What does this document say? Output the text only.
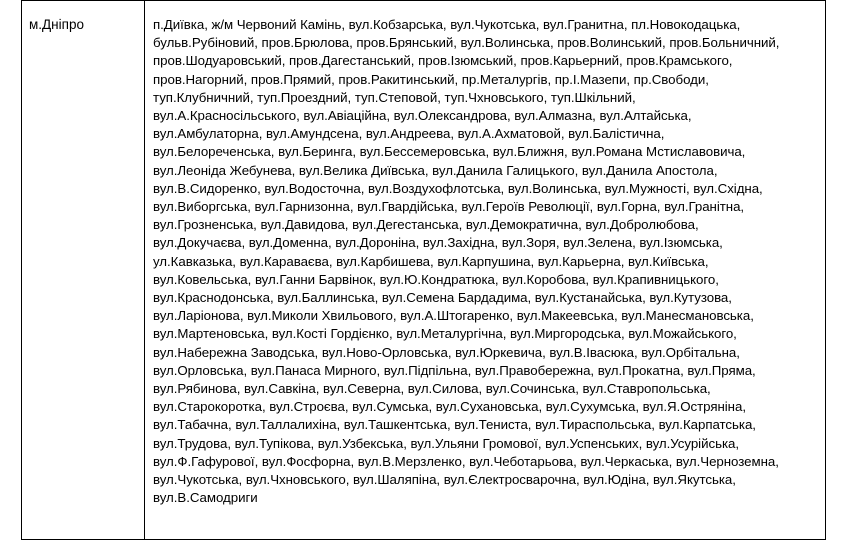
м.Дніпро	п.Диївка, ж/м Червоний Камінь, вул.Кобзарська, вул.Чукотська, вул.Гранитна, пл.Новокодацька,
бульв.Рубіновий, пров.Брюлова, пров.Брянський, вул.Волинська, пров.Волинський, пров.Больничний,
пров.Шодуаровський, пров.Дагестанський, пров.Ізюмський, пров.Карьерний, пров.Крамського,
пров.Нагорний, пров.Прямий, пров.Ракитинський, пр.Металургів, пр.І.Мазепи, пр.Свободи,
туп.Клубничний, туп.Проездний, туп.Степовой, туп.Чхновського, туп.Шкільний,
вул.А.Красносільського, вул.Авіаційна, вул.Олександрова, вул.Алмазна, вул.Алтайська,
вул.Амбулаторна, вул.Амундсена, вул.Андреева, вул.А.Ахматовой, вул.Балістична,
вул.Белореченська, вул.Беринга, вул.Бессемеровська, вул.Ближня, вул.Романа Мстиславовича,
вул.Леоніда Жебунева, вул.Велика Диївська, вул.Данила Галицького, вул.Данила Апостола,
вул.В.Сидоренко, вул.Водосточна, вул.Воздухофлотська, вул.Волинська, вул.Мужності, вул.Східна,
вул.Виборгська, вул.Гарнизонна, вул.Гвардійська, вул.Героїв Революції, вул.Горна, вул.Гранітна,
вул.Грозненська, вул.Давидова, вул.Дегестанська, вул.Демократична, вул.Добролюбова,
вул.Докучаєва, вул.Доменна, вул.Дороніна, вул.Західна, вул.Зоря, вул.Зелена, вул.Ізюмська,
ул.Кавказька, вул.Караваєва, вул.Карбишева, вул.Карпушина, вул.Карьерна, вул.Київська,
вул.Ковельська, вул.Ганни Барвінок, вул.Ю.Кондратюка, вул.Коробова, вул.Крапивницького,
вул.Краснодонська, вул.Баллинська, вул.Семена Бардадима, вул.Кустанайська, вул.Кутузова,
вул.Ларіонова, вул.Миколи Хвильового, вул.А.Штогаренко, вул.Макеевська, вул.Манесмановська,
вул.Мартеновська, вул.Кості Гордієнко, вул.Металургічна, вул.Миргородська, вул.Можайського,
вул.Набережна Заводська, вул.Ново-Орловська, вул.Юркевича, вул.В.Івасюка, вул.Орбітальна,
вул.Орловська, вул.Панаса Мирного, вул.Підпільна, вул.Правобережна, вул.Прокатна, вул.Пряма,
вул.Рябинова, вул.Савкіна, вул.Северна, вул.Силова, вул.Сочинська, вул.Ставропольська,
вул.Старокоротка, вул.Строєва, вул.Сумська, вул.Сухановська, вул.Сухумська, вул.Я.Остряніна,
вул.Табачна, вул.Таллалихіна, вул.Ташкентська, вул.Тениста, вул.Тираспольська, вул.Карпатська,
вул.Трудова, вул.Тупікова, вул.Узбекська, вул.Ульяни Громової, вул.Успенських, вул.Усурійська,
вул.Ф.Гафурової, вул.Фосфорна, вул.В.Мерзленко, вул.Чеботарьова, вул.Черкаська, вул.Черноземна,
вул.Чукотська, вул.Чхновського, вул.Шаляпіна, вул.Єлектросварочна, вул.Юдіна, вул.Якутська,
вул.В.Самодриги
